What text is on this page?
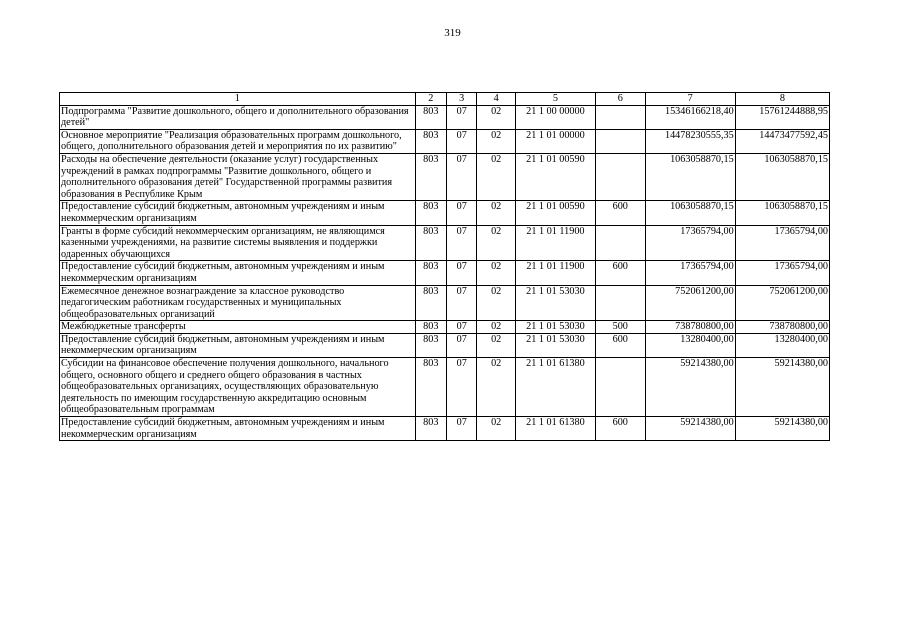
319
1	2	3	4	5	6	7	8
Подпрограмма "Развитие дошкольного, общего и дополнительного образования детей"	803	07	02	21 1 00 00000		15346166218,40	15761244888,95
Основное мероприятие "Реализация образовательных программ дошкольного, общего, дополнительного образования детей и мероприятия по их развитию"	803	07	02	21 1 01 00000		14478230555,35	14473477592,45
Расходы на обеспечение деятельности (оказание услуг) государственных учреждений в рамках подпрограммы "Развитие дошкольного, общего и дополнительного образования детей" Государственной программы развития образования в Республике Крым	803	07	02	21 1 01 00590		1063058870,15	1063058870,15
Предоставление субсидий бюджетным, автономным учреждениям и иным некоммерческим организациям	803	07	02	21 1 01 00590	600	1063058870,15	1063058870,15
Гранты в форме субсидий некоммерческим организациям, не являющимся казенными учреждениями, на развитие системы выявления и поддержки одаренных обучающихся	803	07	02	21 1 01 11900		17365794,00	17365794,00
Предоставление субсидий бюджетным, автономным учреждениям и иным некоммерческим организациям	803	07	02	21 1 01 11900	600	17365794,00	17365794,00
Ежемесячное денежное вознаграждение за классное руководство педагогическим работникам государственных и муниципальных общеобразовательных организаций	803	07	02	21 1 01 53030		752061200,00	752061200,00
Межбюджетные трансферты	803	07	02	21 1 01 53030	500	738780800,00	738780800,00
Предоставление субсидий бюджетным, автономным учреждениям и иным некоммерческим организациям	803	07	02	21 1 01 53030	600	13280400,00	13280400,00
Субсидии на финансовое обеспечение получения дошкольного, начального общего, основного общего и среднего общего образования в частных общеобразовательных организациях, осуществляющих образовательную деятельность по имеющим государственную аккредитацию основным общеобразовательным программам	803	07	02	21 1 01 61380		59214380,00	59214380,00
Предоставление субсидий бюджетным, автономным учреждениям и иным некоммерческим организациям	803	07	02	21 1 01 61380	600	59214380,00	59214380,00
